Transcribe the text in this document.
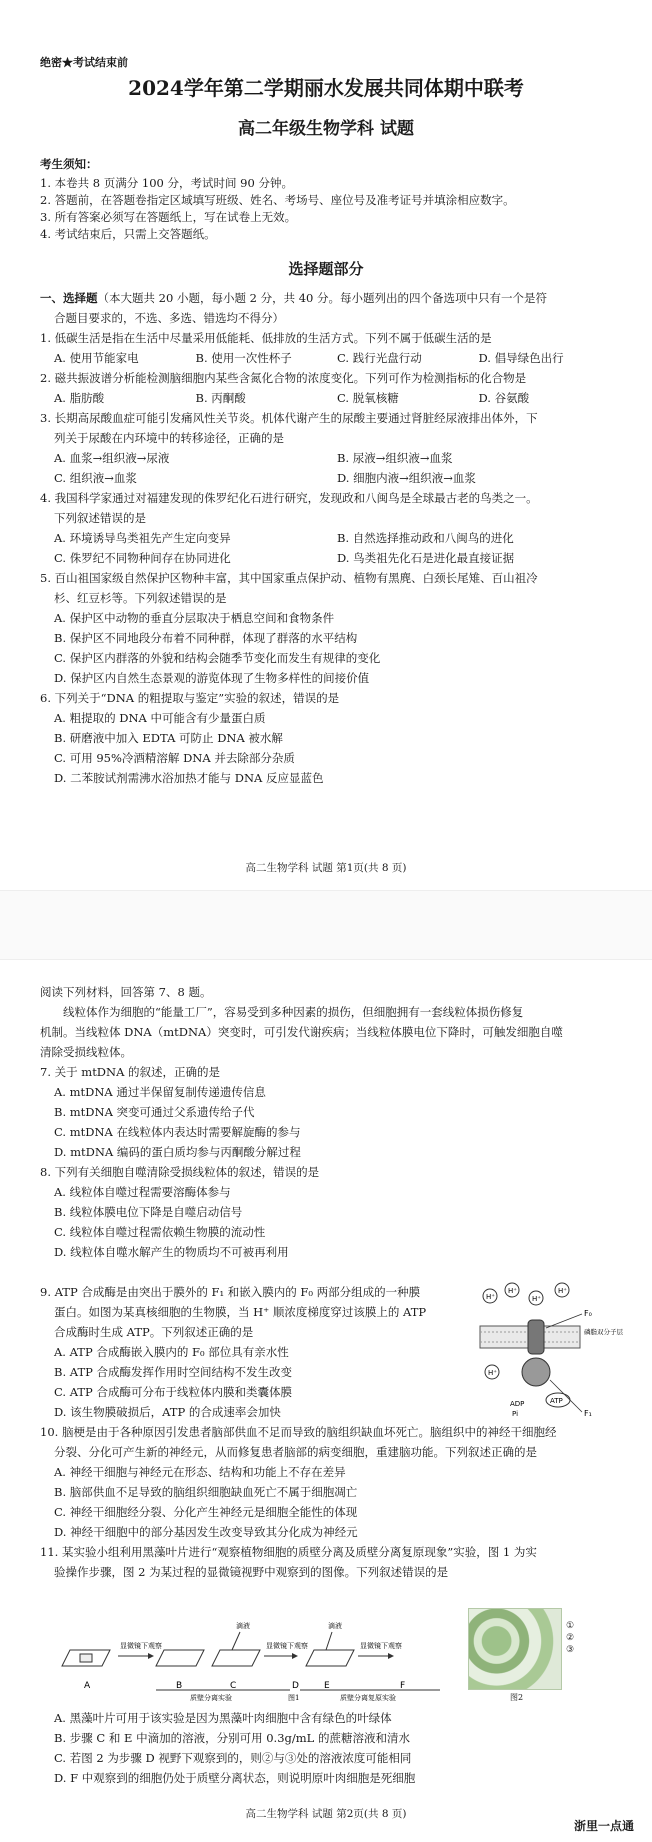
绝密★考试结束前
2024学年第二学期丽水发展共同体期中联考
高二年级生物学科 试题
考生须知：
1. 本卷共 8 页满分 100 分，考试时间 90 分钟。
2. 答题前，在答题卷指定区域填写班级、姓名、考场号、座位号及准考证号并填涂相应数字。
3. 所有答案必须写在答题纸上，写在试卷上无效。
4. 考试结束后，只需上交答题纸。
选择题部分
一、选择题（本大题共 20 小题，每小题 2 分，共 40 分。每小题列出的四个备选项中只有一个是符
合题目要求的，不选、多选、错选均不得分）
1. 低碳生活是指在生活中尽量采用低能耗、低排放的生活方式。下列不属于低碳生活的是
A. 使用节能家电	B. 使用一次性杯子	C. 践行光盘行动	D. 倡导绿色出行
2. 磁共振波谱分析能检测脑细胞内某些含氮化合物的浓度变化。下列可作为检测指标的化合物是
A. 脂肪酸	B. 丙酮酸	C. 脱氧核糖	D. 谷氨酸
3. 长期高尿酸血症可能引发痛风性关节炎。机体代谢产生的尿酸主要通过肾脏经尿液排出体外，下
列关于尿酸在内环境中的转移途径，正确的是
A. 血浆→组织液→尿液	B. 尿液→组织液→血浆
C. 组织液→血浆	D. 细胞内液→组织液→血浆
4. 我国科学家通过对福建发现的侏罗纪化石进行研究，发现政和八闽鸟是全球最古老的鸟类之一。
下列叙述错误的是
A. 环境诱导鸟类祖先产生定向变异	B. 自然选择推动政和八闽鸟的进化
C. 侏罗纪不同物种间存在协同进化	D. 鸟类祖先化石是进化最直接证据
5. 百山祖国家级自然保护区物种丰富，其中国家重点保护动、植物有黑麂、白颈长尾雉、百山祖冷
杉、红豆杉等。下列叙述错误的是
A. 保护区中动物的垂直分层取决于栖息空间和食物条件
B. 保护区不同地段分布着不同种群，体现了群落的水平结构
C. 保护区内群落的外貌和结构会随季节变化而发生有规律的变化
D. 保护区内自然生态景观的游览体现了生物多样性的间接价值
6. 下列关于“DNA 的粗提取与鉴定”实验的叙述，错误的是
A. 粗提取的 DNA 中可能含有少量蛋白质
B. 研磨液中加入 EDTA 可防止 DNA 被水解
C. 可用 95%冷酒精溶解 DNA 并去除部分杂质
D. 二苯胺试剂需沸水浴加热才能与 DNA 反应显蓝色
高二生物学科 试题 第1页(共 8 页)
阅读下列材料，回答第 7、8 题。
线粒体作为细胞的“能量工厂”，容易受到多种因素的损伤，但细胞拥有一套线粒体损伤修复
机制。当线粒体 DNA（mtDNA）突变时，可引发代谢疾病；当线粒体膜电位下降时，可触发细胞自噬
清除受损线粒体。
7. 关于 mtDNA 的叙述，正确的是
A. mtDNA 通过半保留复制传递遗传信息
B. mtDNA 突变可通过父系遗传给子代
C. mtDNA 在线粒体内表达时需要解旋酶的参与
D. mtDNA 编码的蛋白质均参与丙酮酸分解过程
8. 下列有关细胞自噬清除受损线粒体的叙述，错误的是
A. 线粒体自噬过程需要溶酶体参与
B. 线粒体膜电位下降是自噬启动信号
C. 线粒体自噬过程需依赖生物膜的流动性
D. 线粒体自噬水解产生的物质均不可被再利用
9. ATP 合成酶是由突出于膜外的 F₁ 和嵌入膜内的 F₀ 两部分组成的一种膜
蛋白。如图为某真核细胞的生物膜，当 H⁺ 顺浓度梯度穿过该膜上的 ATP
合成酶时生成 ATP。下列叙述正确的是
A. ATP 合成酶嵌入膜内的 F₀ 部位具有亲水性
B. ATP 合成酶发挥作用时空间结构不发生改变
C. ATP 合成酶可分布于线粒体内膜和类囊体膜
D. 该生物膜破损后，ATP 的合成速率会加快
H⁺
H⁺
H⁺
H⁺
H⁺
F₀
磷脂双分子层
ADP
Pi
ATP
F₁
10. 脑梗是由于各种原因引发患者脑部供血不足而导致的脑组织缺血坏死亡。脑组织中的神经干细胞经
分裂、分化可产生新的神经元，从而修复患者脑部的病变细胞，重建脑功能。下列叙述正确的是
A. 神经干细胞与神经元在形态、结构和功能上不存在差异
B. 脑部供血不足导致的脑组织细胞缺血死亡不属于细胞凋亡
C. 神经干细胞经分裂、分化产生神经元是细胞全能性的体现
D. 神经干细胞中的部分基因发生改变导致其分化成为神经元
11. 某实验小组利用黑藻叶片进行“观察植物细胞的质壁分离及质壁分离复原现象”实验，图 1 为实
验操作步骤，图 2 为某过程的显微镜视野中观察到的图像。下列叙述错误的是
A
显微镜下观察
B
滴液
C
显微镜下观察
D
滴液
E
显微镜下观察
F
质壁分离实验	质壁分离复原实验
图1
①
②
③
图2
A. 黑藻叶片可用于该实验是因为黑藻叶肉细胞中含有绿色的叶绿体
B. 步骤 C 和 E 中滴加的溶液，分别可用 0.3g/mL 的蔗糖溶液和清水
C. 若图 2 为步骤 D 视野下观察到的，则②与③处的溶液浓度可能相同
D. F 中观察到的细胞仍处于质壁分离状态，则说明原叶肉细胞是死细胞
高二生物学科 试题 第2页(共 8 页)
浙里一点通
